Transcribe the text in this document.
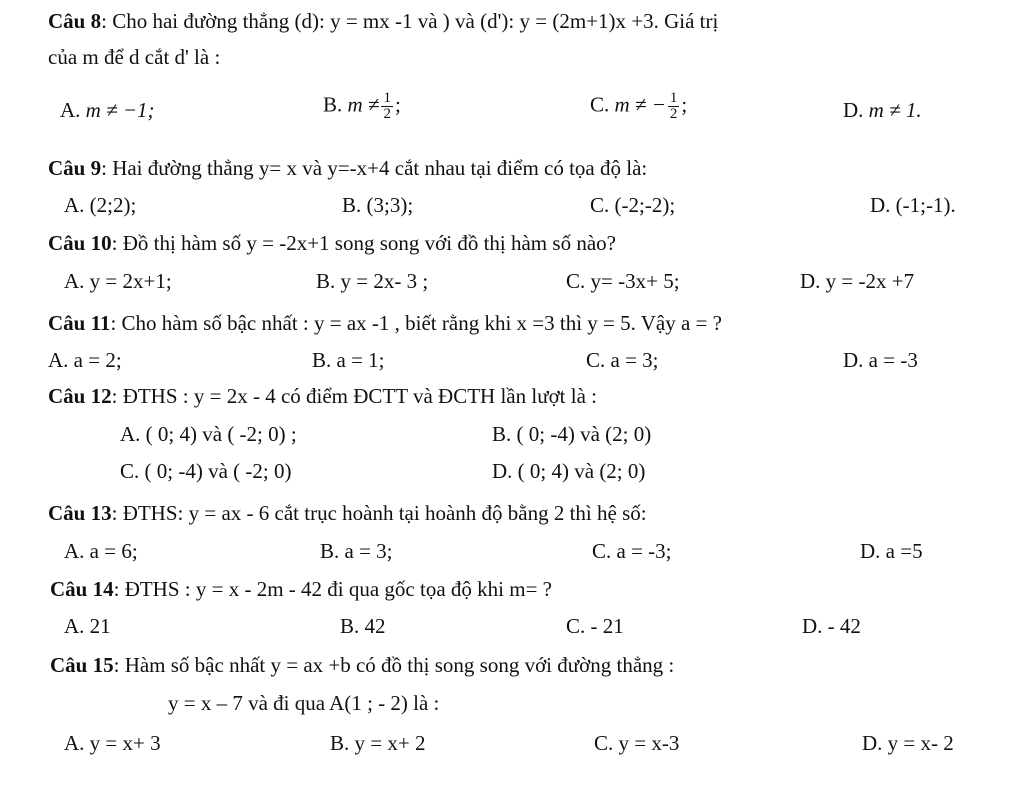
Câu 8: Cho hai đường thẳng (d): y = mx -1 và ) và (d'): y = (2m+1)x +3. Giá trị
của m để d cắt d' là :
A. m ≠ −1;	B. $m \ne \frac{1}{2}$ ;	C. m ≠ − $\frac{1}{2}$ ;	D. m ≠ 1.
Câu 9: Hai đường thẳng y= x và y=-x+4 cắt nhau tại điểm có tọa độ là:
A. (2;2);	B. (3;3);	C. (-2;-2);	D. (-1;-1).
Câu 10: Đồ thị hàm số y = -2x+1 song song với đồ thị hàm số nào?
A. y = 2x+1;	B. y = 2x- 3 ;	C. y= -3x+ 5;	D. y = -2x +7
Câu 11: Cho hàm số bậc nhất : y = ax -1 , biết rằng khi x =3 thì y = 5. Vậy a = ?
A. a = 2;	B. a = 1;	C. a = 3;	D. a = -3
Câu 12: ĐTHS : y = 2x - 4 có điểm ĐCTT và ĐCTH lần lượt là :
A. ( 0; 4) và ( -2; 0) ;	B. ( 0; -4) và (2; 0)
C. ( 0; -4) và ( -2; 0)	D. ( 0; 4) và (2; 0)
Câu 13: ĐTHS: y = ax - 6 cắt trục hoành tại hoành độ bằng 2 thì hệ số:
A. a = 6;	B. a = 3;	C. a = -3;	D. a =5
Câu 14: ĐTHS : y = x - 2m - 42 đi qua gốc tọa độ khi m= ?
A. 21	B. 42	C. - 21	D. - 42
Câu 15: Hàm số bậc nhất y = ax +b có đồ thị song song với đường thẳng :
y = x – 7 và đi qua A(1 ; - 2) là :
A. y = x+ 3	B. y = x+ 2	C. y = x-3	D. y = x- 2
